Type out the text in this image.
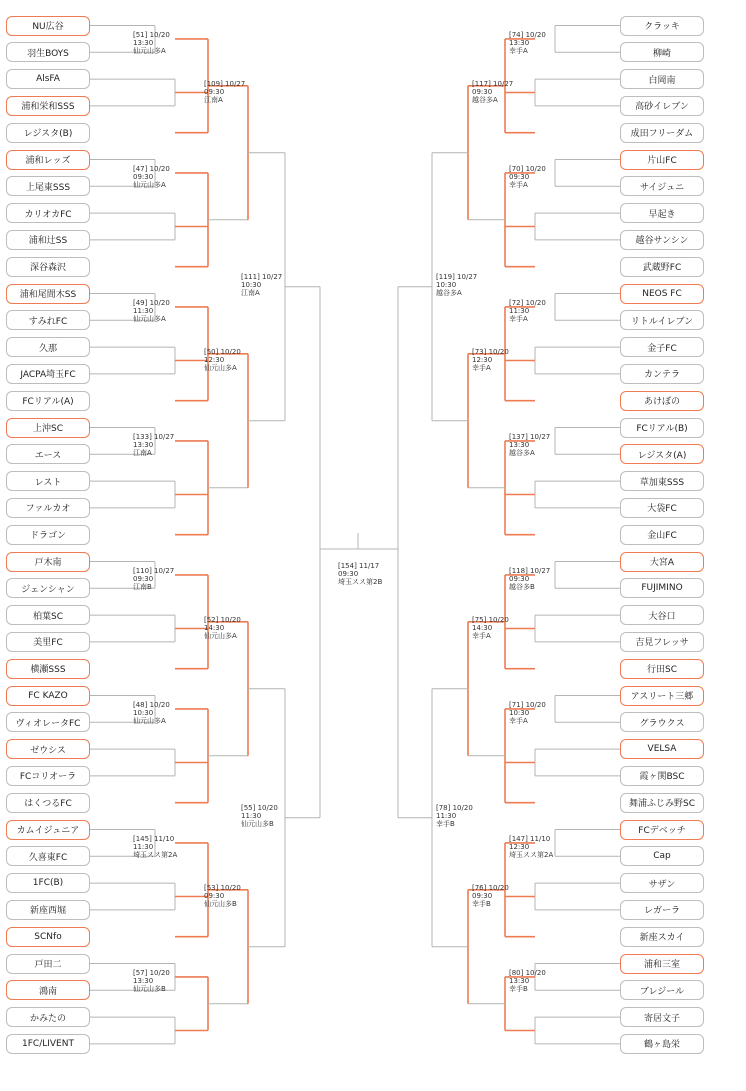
NU広谷
羽生BOYS
AlsFA
浦和栄和SSS
レジスタ(B)
浦和レッズ
上尾東SSS
カリオカFC
浦和辻SS
深谷森沢
浦和尾間木SS
すみれFC
久那
JACPA埼玉FC
FCリアル(A)
上沖SC
エース
レスト
ファルカオ
ドラゴン
戸木南
ジェンシャン
柏葉SC
美里FC
横瀬SSS
FC KAZO
ヴィオレータFC
ゼウシス
FCコリオーラ
はくつるFC
カムイジュニア
久喜東FC
1FC(B)
新座西堀
SCNfo
戸田二
鴻南
かみたの
1FC/LIVENT
クラッキ
柳崎
白岡南
高砂イレブン
成田フリーダム
片山FC
サイジュニ
早起き
越谷サンシン
武蔵野FC
NEOS FC
リトルイレブン
金子FC
カンテラ
あけぼの
FCリアル(B)
レジスタ(A)
草加東SSS
大袋FC
金山FC
大宮A
FUJIMINO
大谷口
吉見フレッサ
行田SC
アスリート三郷
グラウクス
VELSA
霞ヶ関BSC
舞浦ふじみ野SC
FCデベッチ
Cap
サザン
レガーラ
新座スカイ
浦和三室
ブレジール
寄居文子
鶴ヶ島栄
[51] 10/20
13:30
仙元山多A
[47] 10/20
09:30
仙元山多A
[109] 10/27
09:30
江南A
[49] 10/20
11:30
仙元山多A
[133] 10/27
13:30
江南A
[50] 10/20
12:30
仙元山多A
[110] 10/27
09:30
江南B
[48] 10/20
10:30
仙元山多A
[52] 10/20
14:30
仙元山多A
[145] 11/10
11:30
埼玉スス第2A
[57] 10/20
13:30
仙元山多B
[53] 10/20
09:30
仙元山多B
[111] 10/27
10:30
江南A
[55] 10/20
11:30
仙元山多B
[74] 10/20
13:30
幸手A
[70] 10/20
09:30
幸手A
[117] 10/27
09:30
越谷多A
[72] 10/20
11:30
幸手A
[137] 10/27
13:30
越谷多A
[73] 10/20
12:30
幸手A
[118] 10/27
09:30
越谷多B
[71] 10/20
10:30
幸手A
[75] 10/20
14:30
幸手A
[147] 11/10
12:30
埼玉スス第2A
[80] 10/20
13:30
幸手B
[76] 10/20
09:30
幸手B
[119] 10/27
10:30
越谷多A
[78] 10/20
11:30
幸手B
[154] 11/17
09:30
埼玉スス第2B
